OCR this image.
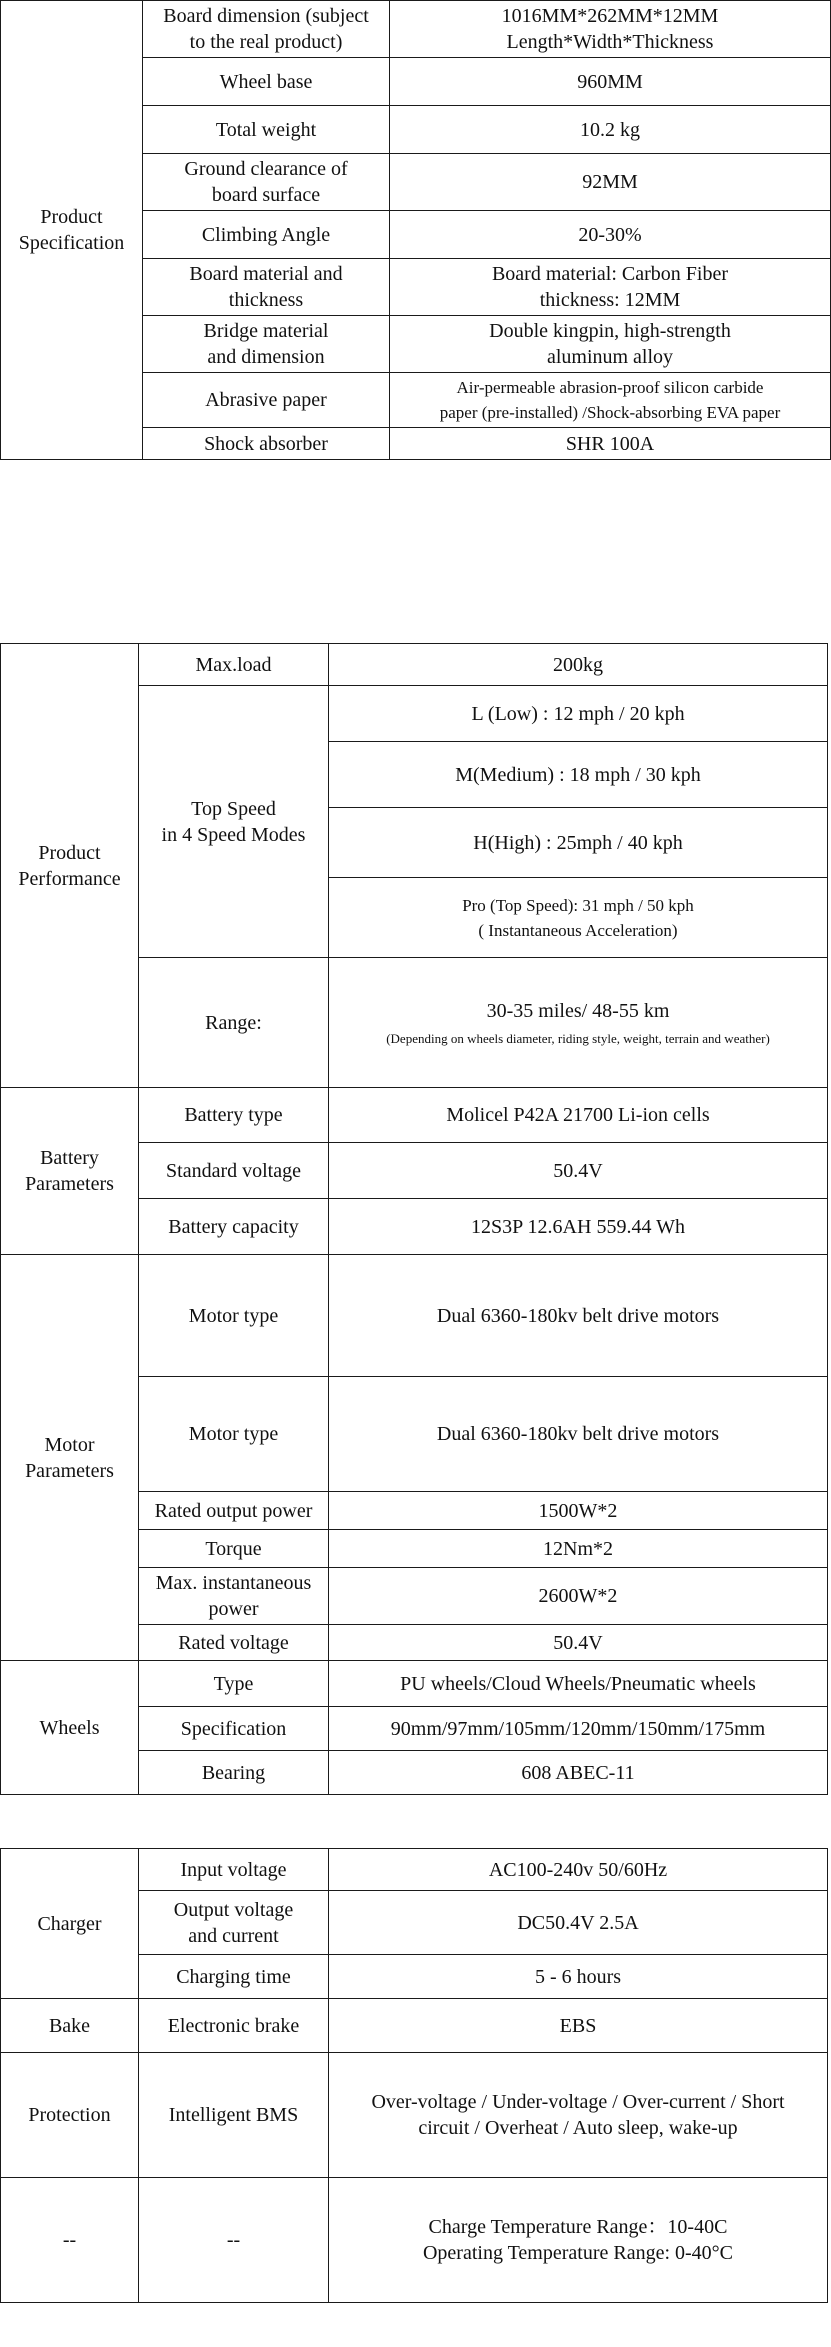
Product
Specification	Board dimension (subject
to the real product)	1016MM*262MM*12MM
Length*Width*Thickness
	Wheel base	960MM
	Total weight	10.2 kg
	Ground clearance of
board surface	92MM
	Climbing Angle	20-30%
	Board material and
thickness	Board material: Carbon Fiber
thickness: 12MM
	Bridge material
and dimension	Double kingpin, high-strength
aluminum alloy
	Abrasive paper	Air-permeable abrasion-proof silicon carbide
paper (pre-installed) /Shock-absorbing EVA paper
	Shock absorber	SHR 100A
Product
Performance	Max.load	200kg
	Top Speed
in 4 Speed Modes	L (Low) : 12 mph / 20 kph
		M(Medium) : 18 mph / 30 kph
		H(High) : 25mph / 40 kph
		Pro (Top Speed): 31 mph / 50 kph
( Instantaneous Acceleration)
	Range:	30-35 miles/ 48-55 km
(Depending on wheels diameter, riding style, weight, terrain and weather)

Battery
Parameters	Battery type	Molicel P42A 21700 Li-ion cells
	Standard voltage	50.4V
	Battery capacity	12S3P 12.6AH 559.44 Wh
Motor
Parameters	Motor type	Dual 6360-180kv belt drive motors
	Motor type	Dual 6360-180kv belt drive motors
	Rated output power	1500W*2
	Torque	12Nm*2
	Max. instantaneous
power	2600W*2
	Rated voltage	50.4V
Wheels	Type	PU wheels/Cloud Wheels/Pneumatic wheels
	Specification	90mm/97mm/105mm/120mm/150mm/175mm
	Bearing	608 ABEC-11
Charger	Input voltage	AC100-240v 50/60Hz
	Output voltage
and current	DC50.4V 2.5A
	Charging time	5 - 6 hours
Bake	Electronic brake	EBS
Protection	Intelligent BMS	Over-voltage / Under-voltage / Over-current / Short
circuit / Overheat / Auto sleep, wake-up
--	--	Charge Temperature Range：10-40C
Operating Temperature Range: 0-40°C
